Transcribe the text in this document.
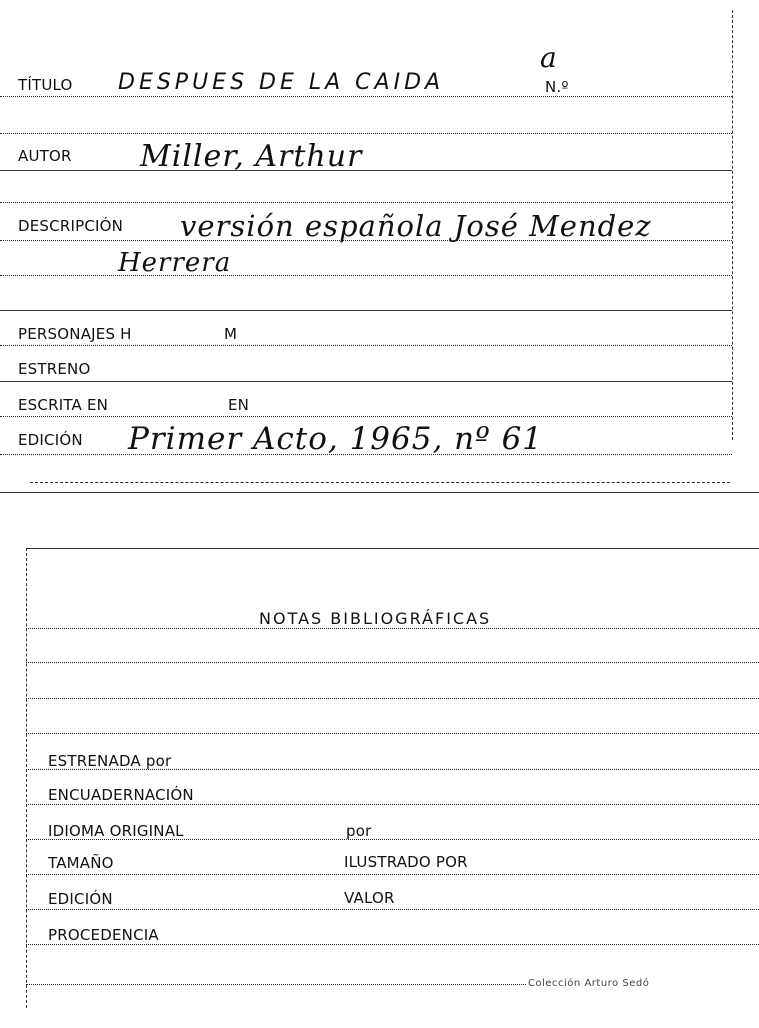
a
N.º
TÍTULO DESPUES DE LA CAIDA
AUTOR Miller, Arthur
DESCRIPCIÓN versión española José Mendez
Herrera
PERSONAJES H	M
ESTRENO
ESCRITA EN	EN
EDICIÓN Primer Acto, 1965, nº 61
NOTAS BIBLIOGRÁFICAS
ESTRENADA por
ENCUADERNACIÓN
IDIOMA ORIGINAL	por
TAMAÑO	ILUSTRADO POR
EDICIÓN	VALOR
PROCEDENCIA
Colección Arturo Sedó
